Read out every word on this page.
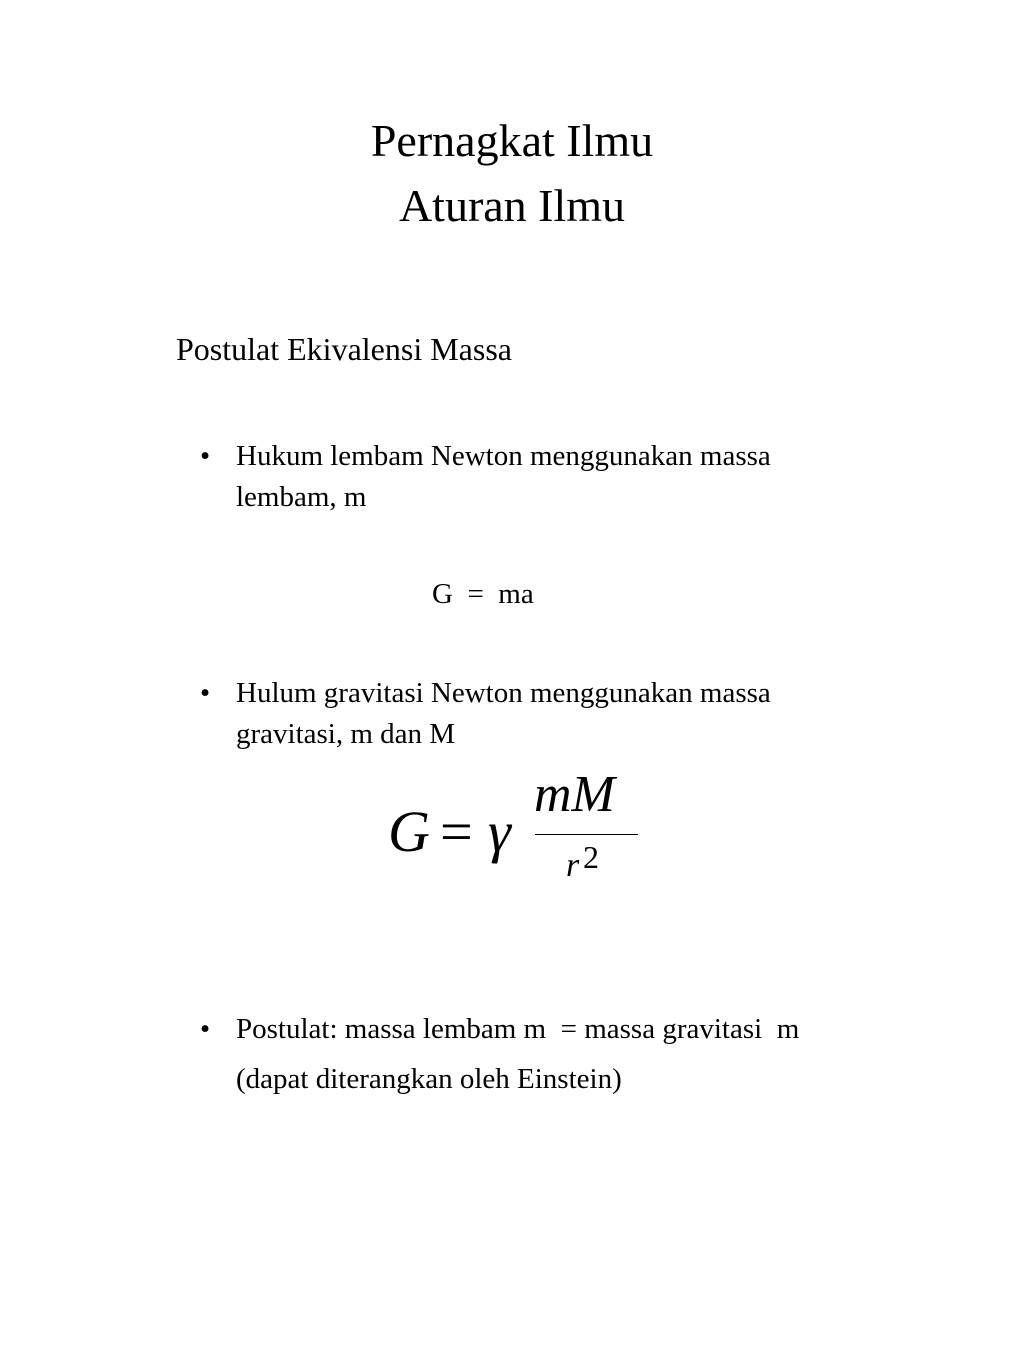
Pernagkat Ilmu
Aturan Ilmu
Postulat Ekivalensi Massa
• Hukum lembam Newton menggunakan massa
lembam, m
G  =  ma
• Hulum gravitasi Newton menggunakan massa
gravitasi, m dan M
G = γ
mM
r 2
• Postulat: massa lembam m  = massa gravitasi  m
(dapat diterangkan oleh Einstein)
